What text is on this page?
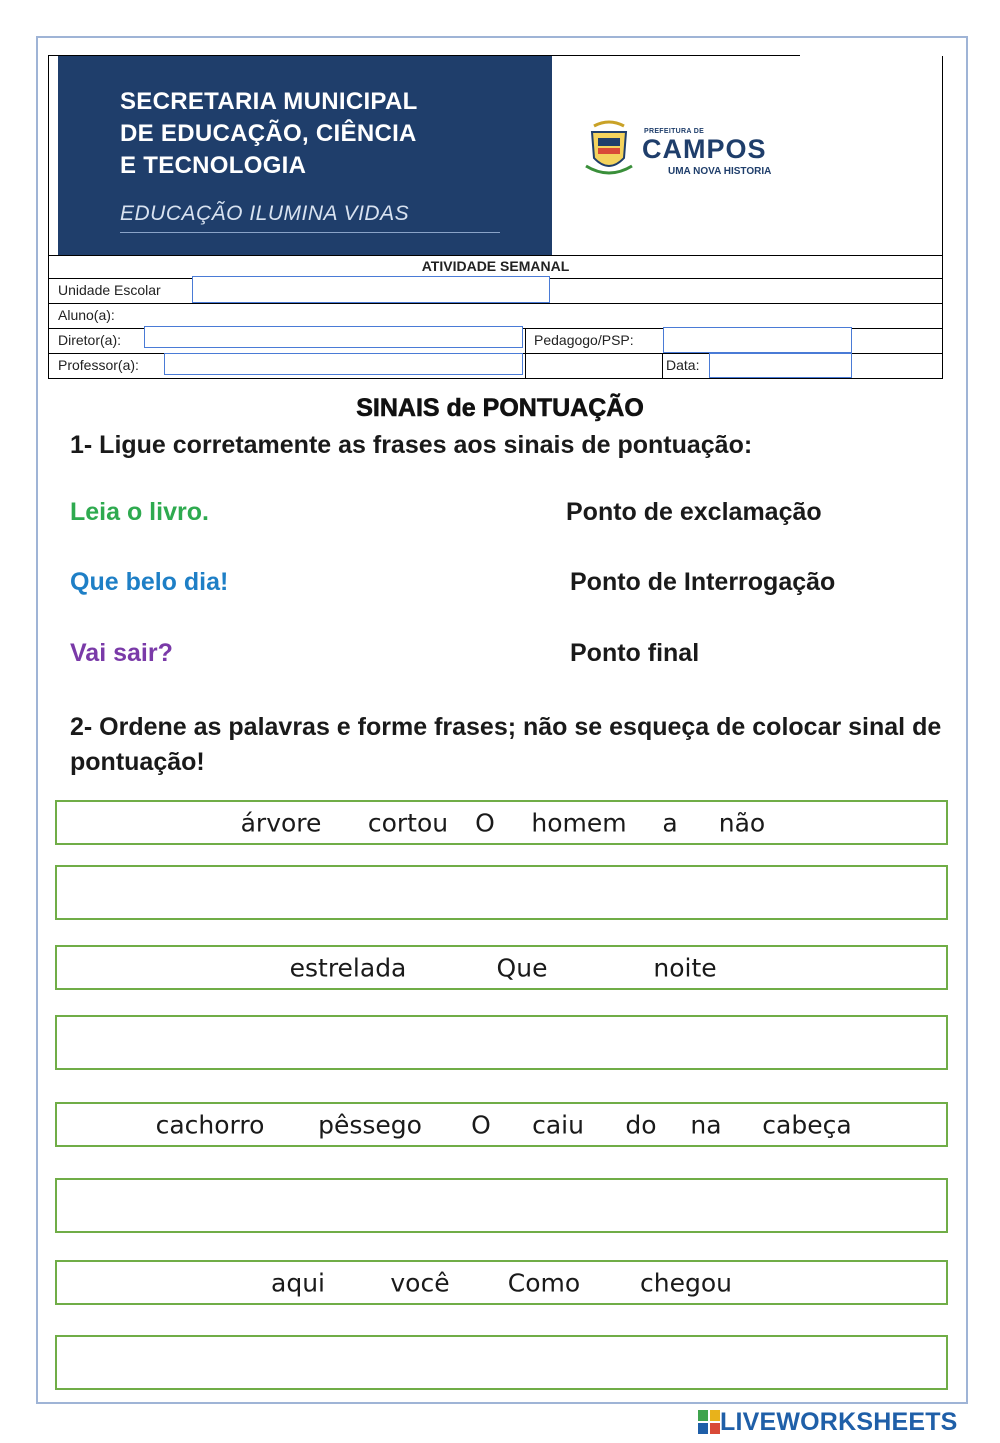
SECRETARIA MUNICIPAL
DE EDUCAÇÃO, CIÊNCIA
E TECNOLOGIA
EDUCAÇÃO ILUMINA VIDAS
PREFEITURA DE
CAMPOS
UMA NOVA HISTORIA
ATIVIDADE SEMANAL
Unidade Escolar
Aluno(a):
Diretor(a):	Pedagogo/PSP:
Professor(a):	Data:
SINAIS de PONTUAÇÃO
1- Ligue corretamente as frases aos sinais de pontuação:
Leia o livro.
Que belo dia!
Vai sair?
Ponto de exclamação
Ponto de Interrogação
Ponto final
2- Ordene as palavras e forme frases; não se esqueça de colocar sinal de pontuação!
árvore cortou O homem a não
estrelada	Que	noite
cachorro pêssego O caiu do na cabeça
aqui	você Como chegou
LIVEWORKSHEETS
